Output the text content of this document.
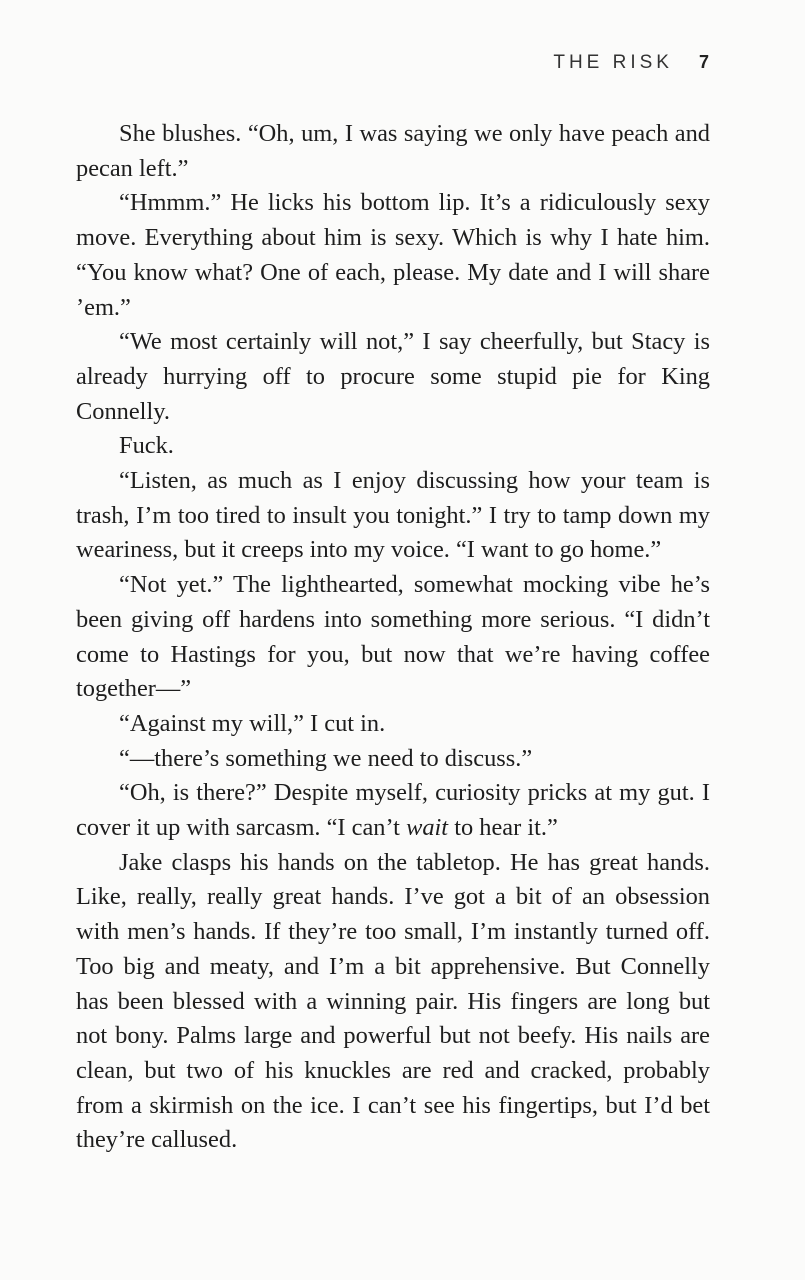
THE RISK 7

She blushes. “Oh, um, I was saying we only have peach and pecan left.”

“Hmmm.” He licks his bottom lip. It’s a ridiculously sexy move. Everything about him is sexy. Which is why I hate him. “You know what? One of each, please. My date and I will share ’em.”

“We most certainly will not,” I say cheerfully, but Stacy is already hurrying off to procure some stupid pie for King Connelly.

Fuck.

“Listen, as much as I enjoy discussing how your team is trash, I’m too tired to insult you tonight.” I try to tamp down my weariness, but it creeps into my voice. “I want to go home.”

“Not yet.” The lighthearted, somewhat mocking vibe he’s been giving off hardens into something more serious. “I didn’t come to Hastings for you, but now that we’re having coffee together—”

“Against my will,” I cut in.

“—there’s something we need to discuss.”

“Oh, is there?” Despite myself, curiosity pricks at my gut. I cover it up with sarcasm. “I can’t wait to hear it.”

Jake clasps his hands on the tabletop. He has great hands. Like, really, really great hands. I’ve got a bit of an obsession with men’s hands. If they’re too small, I’m instantly turned off. Too big and meaty, and I’m a bit apprehensive. But Connelly has been blessed with a winning pair. His fingers are long but not bony. Palms large and powerful but not beefy. His nails are clean, but two of his knuckles are red and cracked, probably from a skirmish on the ice. I can’t see his fingertips, but I’d bet they’re callused.
